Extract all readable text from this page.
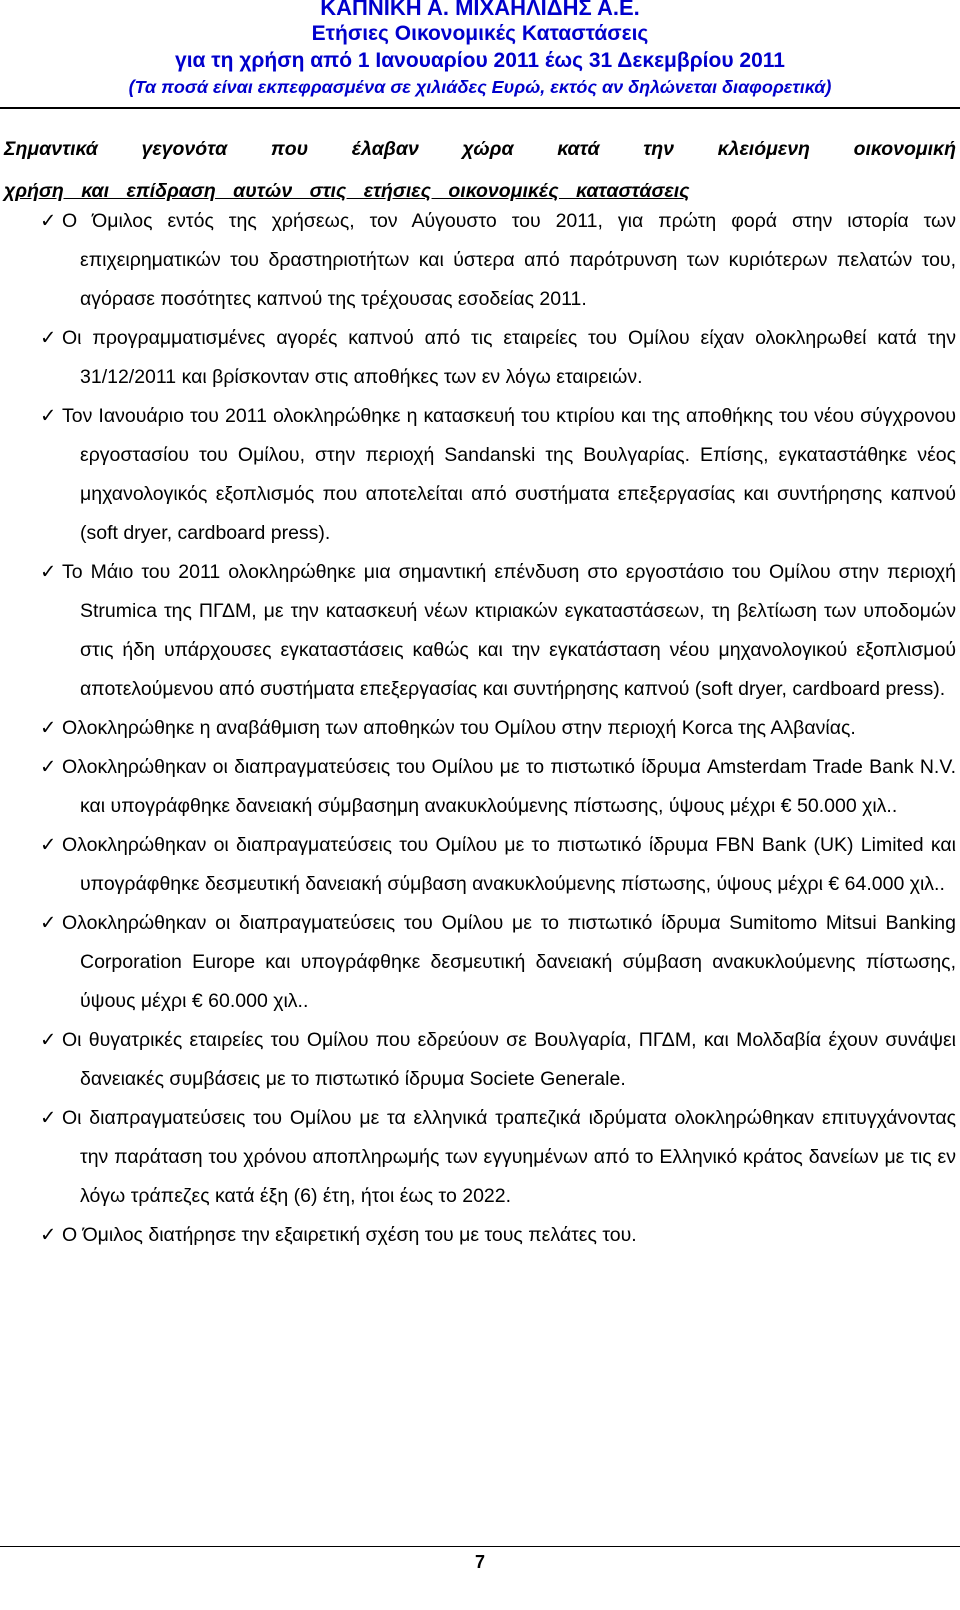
ΚΑΠΝΙΚΗ Α. ΜΙΧΑΗΛΙΔΗΣ Α.Ε.
Ετήσιες Οικονομικές Καταστάσεις
για τη χρήση από 1 Ιανουαρίου 2011 έως 31 Δεκεμβρίου 2011
(Τα ποσά είναι εκπεφρασμένα σε χιλιάδες Ευρώ, εκτός αν δηλώνεται διαφορετικά)
Σημαντικά γεγονότα που έλαβαν χώρα κατά την κλειόμενη οικονομική
χρήση και επίδραση αυτών στις ετήσιες οικονομικές καταστάσεις
✓ Ο Όμιλος εντός της χρήσεως, τον Αύγουστο του 2011, για πρώτη φορά στην ιστορία των επιχειρηματικών του δραστηριοτήτων και ύστερα από παρότρυνση των κυριότερων πελατών του, αγόρασε ποσότητες καπνού της τρέχουσας εσοδείας 2011.
✓ Οι προγραμματισμένες αγορές καπνού από τις εταιρείες του Ομίλου είχαν ολοκληρωθεί κατά την 31/12/2011 και βρίσκονταν στις αποθήκες των εν λόγω εταιρειών.
✓ Τον Ιανουάριο του 2011 ολοκληρώθηκε η κατασκευή του κτιρίου και της αποθήκης του νέου σύγχρονου εργοστασίου του Ομίλου, στην περιοχή Sandanski της Βουλγαρίας. Επίσης, εγκαταστάθηκε νέος μηχανολογικός εξοπλισμός που αποτελείται από συστήματα επεξεργασίας και συντήρησης καπνού (soft dryer, cardboard press).
✓ Το Μάιο του 2011 ολοκληρώθηκε μια σημαντική επένδυση στο εργοστάσιο του Ομίλου στην περιοχή Strumica της ΠΓΔΜ, με την κατασκευή νέων κτιριακών εγκαταστάσεων, τη βελτίωση των υποδομών στις ήδη υπάρχουσες εγκαταστάσεις καθώς και την εγκατάσταση νέου μηχανολογικού εξοπλισμού αποτελούμενου από συστήματα επεξεργασίας και συντήρησης καπνού (soft dryer, cardboard press).
✓ Ολοκληρώθηκε η αναβάθμιση των αποθηκών του Ομίλου στην περιοχή Korca της Αλβανίας.
✓ Ολοκληρώθηκαν οι διαπραγματεύσεις του Ομίλου με το πιστωτικό ίδρυμα Amsterdam Trade Bank N.V. και υπογράφθηκε δανειακή σύμβασημη ανακυκλούμενης πίστωσης, ύψους μέχρι € 50.000 χιλ..
✓ Ολοκληρώθηκαν οι διαπραγματεύσεις του Ομίλου με το πιστωτικό ίδρυμα FBN Bank (UK) Limited και υπογράφθηκε δεσμευτική δανειακή σύμβαση ανακυκλούμενης πίστωσης, ύψους μέχρι € 64.000 χιλ..
✓ Ολοκληρώθηκαν οι διαπραγματεύσεις του Ομίλου με το πιστωτικό ίδρυμα Sumitomo Mitsui Banking Corporation Europe και υπογράφθηκε δεσμευτική δανειακή σύμβαση ανακυκλούμενης πίστωσης, ύψους μέχρι € 60.000 χιλ..
✓ Οι θυγατρικές εταιρείες του Ομίλου που εδρεύουν σε Βουλγαρία, ΠΓΔΜ, και Μολδαβία έχουν συνάψει δανειακές συμβάσεις με το πιστωτικό ίδρυμα Societe Generale.
✓ Οι διαπραγματεύσεις του Ομίλου με τα ελληνικά τραπεζικά ιδρύματα ολοκληρώθηκαν επιτυγχάνοντας την παράταση του χρόνου αποπληρωμής των εγγυημένων από το Ελληνικό κράτος δανείων με τις εν λόγω τράπεζες κατά έξη (6) έτη, ήτοι έως το 2022.
✓ Ο Όμιλος διατήρησε την εξαιρετική σχέση του με τους πελάτες του.
7
